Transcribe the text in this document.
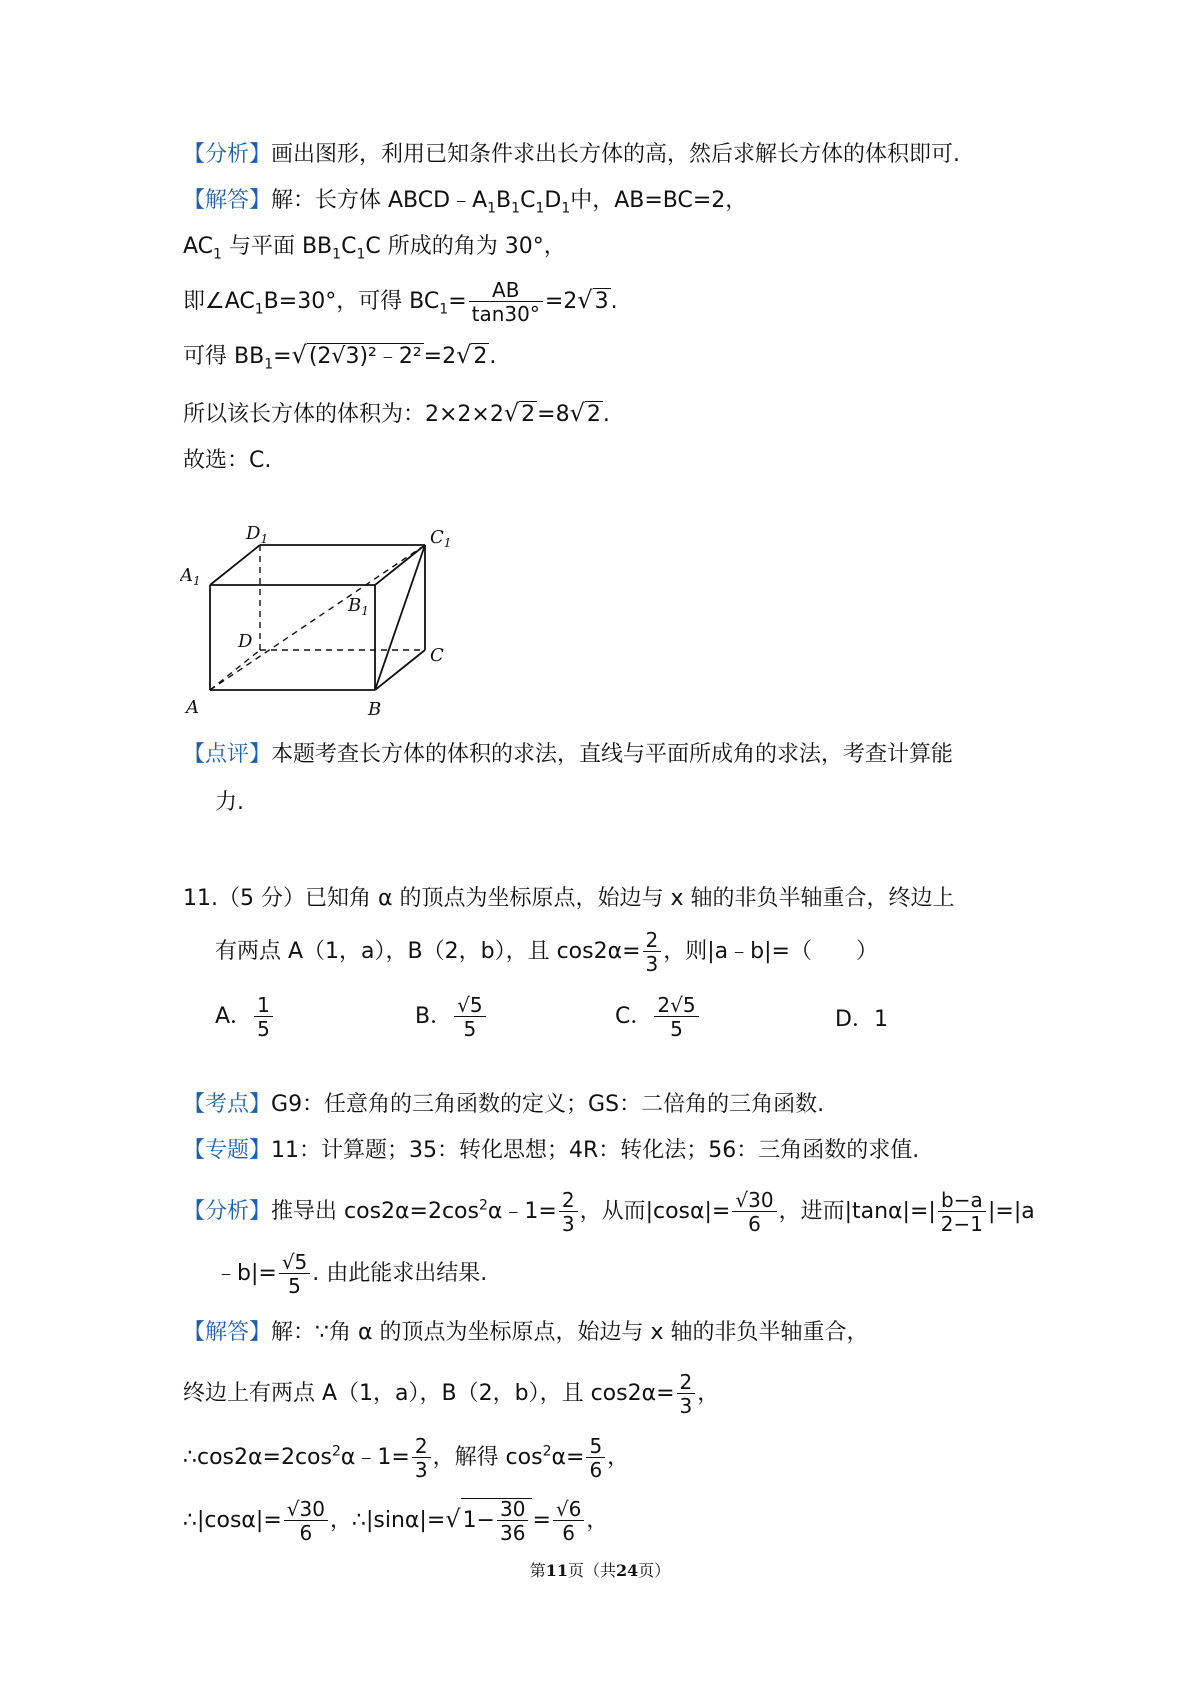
【分析】画出图形，利用已知条件求出长方体的高，然后求解长方体的体积即可.
【解答】解：长方体 $ABCD﹣A_1B_1C_1D_1$中，AB=BC=2，
$AC_1$ 与平面 $BB_1C_1C$ 所成的角为 30°，
即$\angle AC_1B=30^\circ$，可得 $BC_1= \frac{AB}{\tan 30^\circ} =2√3$.
可得 $BB_1=√(2√3)^2﹣2^2=2√2$.
所以该长方体的体积为：2×2×2√2=8√2.
故选：C.
$D_1$	$C_1$
$A_1$
$B_1$
D
C
A	B
【点评】本题考查长方体的体积的求法，直线与平面所成角的求法，考查计算能
力.
11.（5 分）已知角 α 的顶点为坐标原点，始边与 x 轴的非负半轴重合，终边上
有两点 A（1，a），B（2，b），且 $\cos 2\alpha= \frac{2}{3}$ ，则|a﹣b|=（　　）
A． $\frac{1}{5}$	B． $\frac{√5}{5}$	C． $\frac{2√5}{5}$	D．1
【考点】G9：任意角的三角函数的定义；GS：二倍角的三角函数.
【专题】11：计算题；35：转化思想；4R：转化法；56：三角函数的求值.
【分析】推导出 $\cos 2\alpha=2\cos^2\alpha﹣1= \frac{2}{3}$ ，从而$|\cos\alpha|= \frac{√30}{6}$ ，进而$|\tan\alpha|=| \frac{b-a}{2-1} |=|a$
﹣b|= $\frac{√5}{5}$ . 由此能求出结果.
【解答】解：∵角 α 的顶点为坐标原点，始边与 x 轴的非负半轴重合，
终边上有两点 A（1，a），B（2，b），且 $\cos 2\alpha= \frac{2}{3}$ ，
$\therefore\cos 2\alpha=2\cos^2\alpha﹣1= \frac{2}{3}$ ，解得 $\cos^2\alpha= \frac{5}{6}$ ，
∴|cosα|= $\frac{√30}{6}$ ，∴|sinα|=√1− $\frac{30}{36} = \frac{√6}{6}$ ，
第11页（共24页）
